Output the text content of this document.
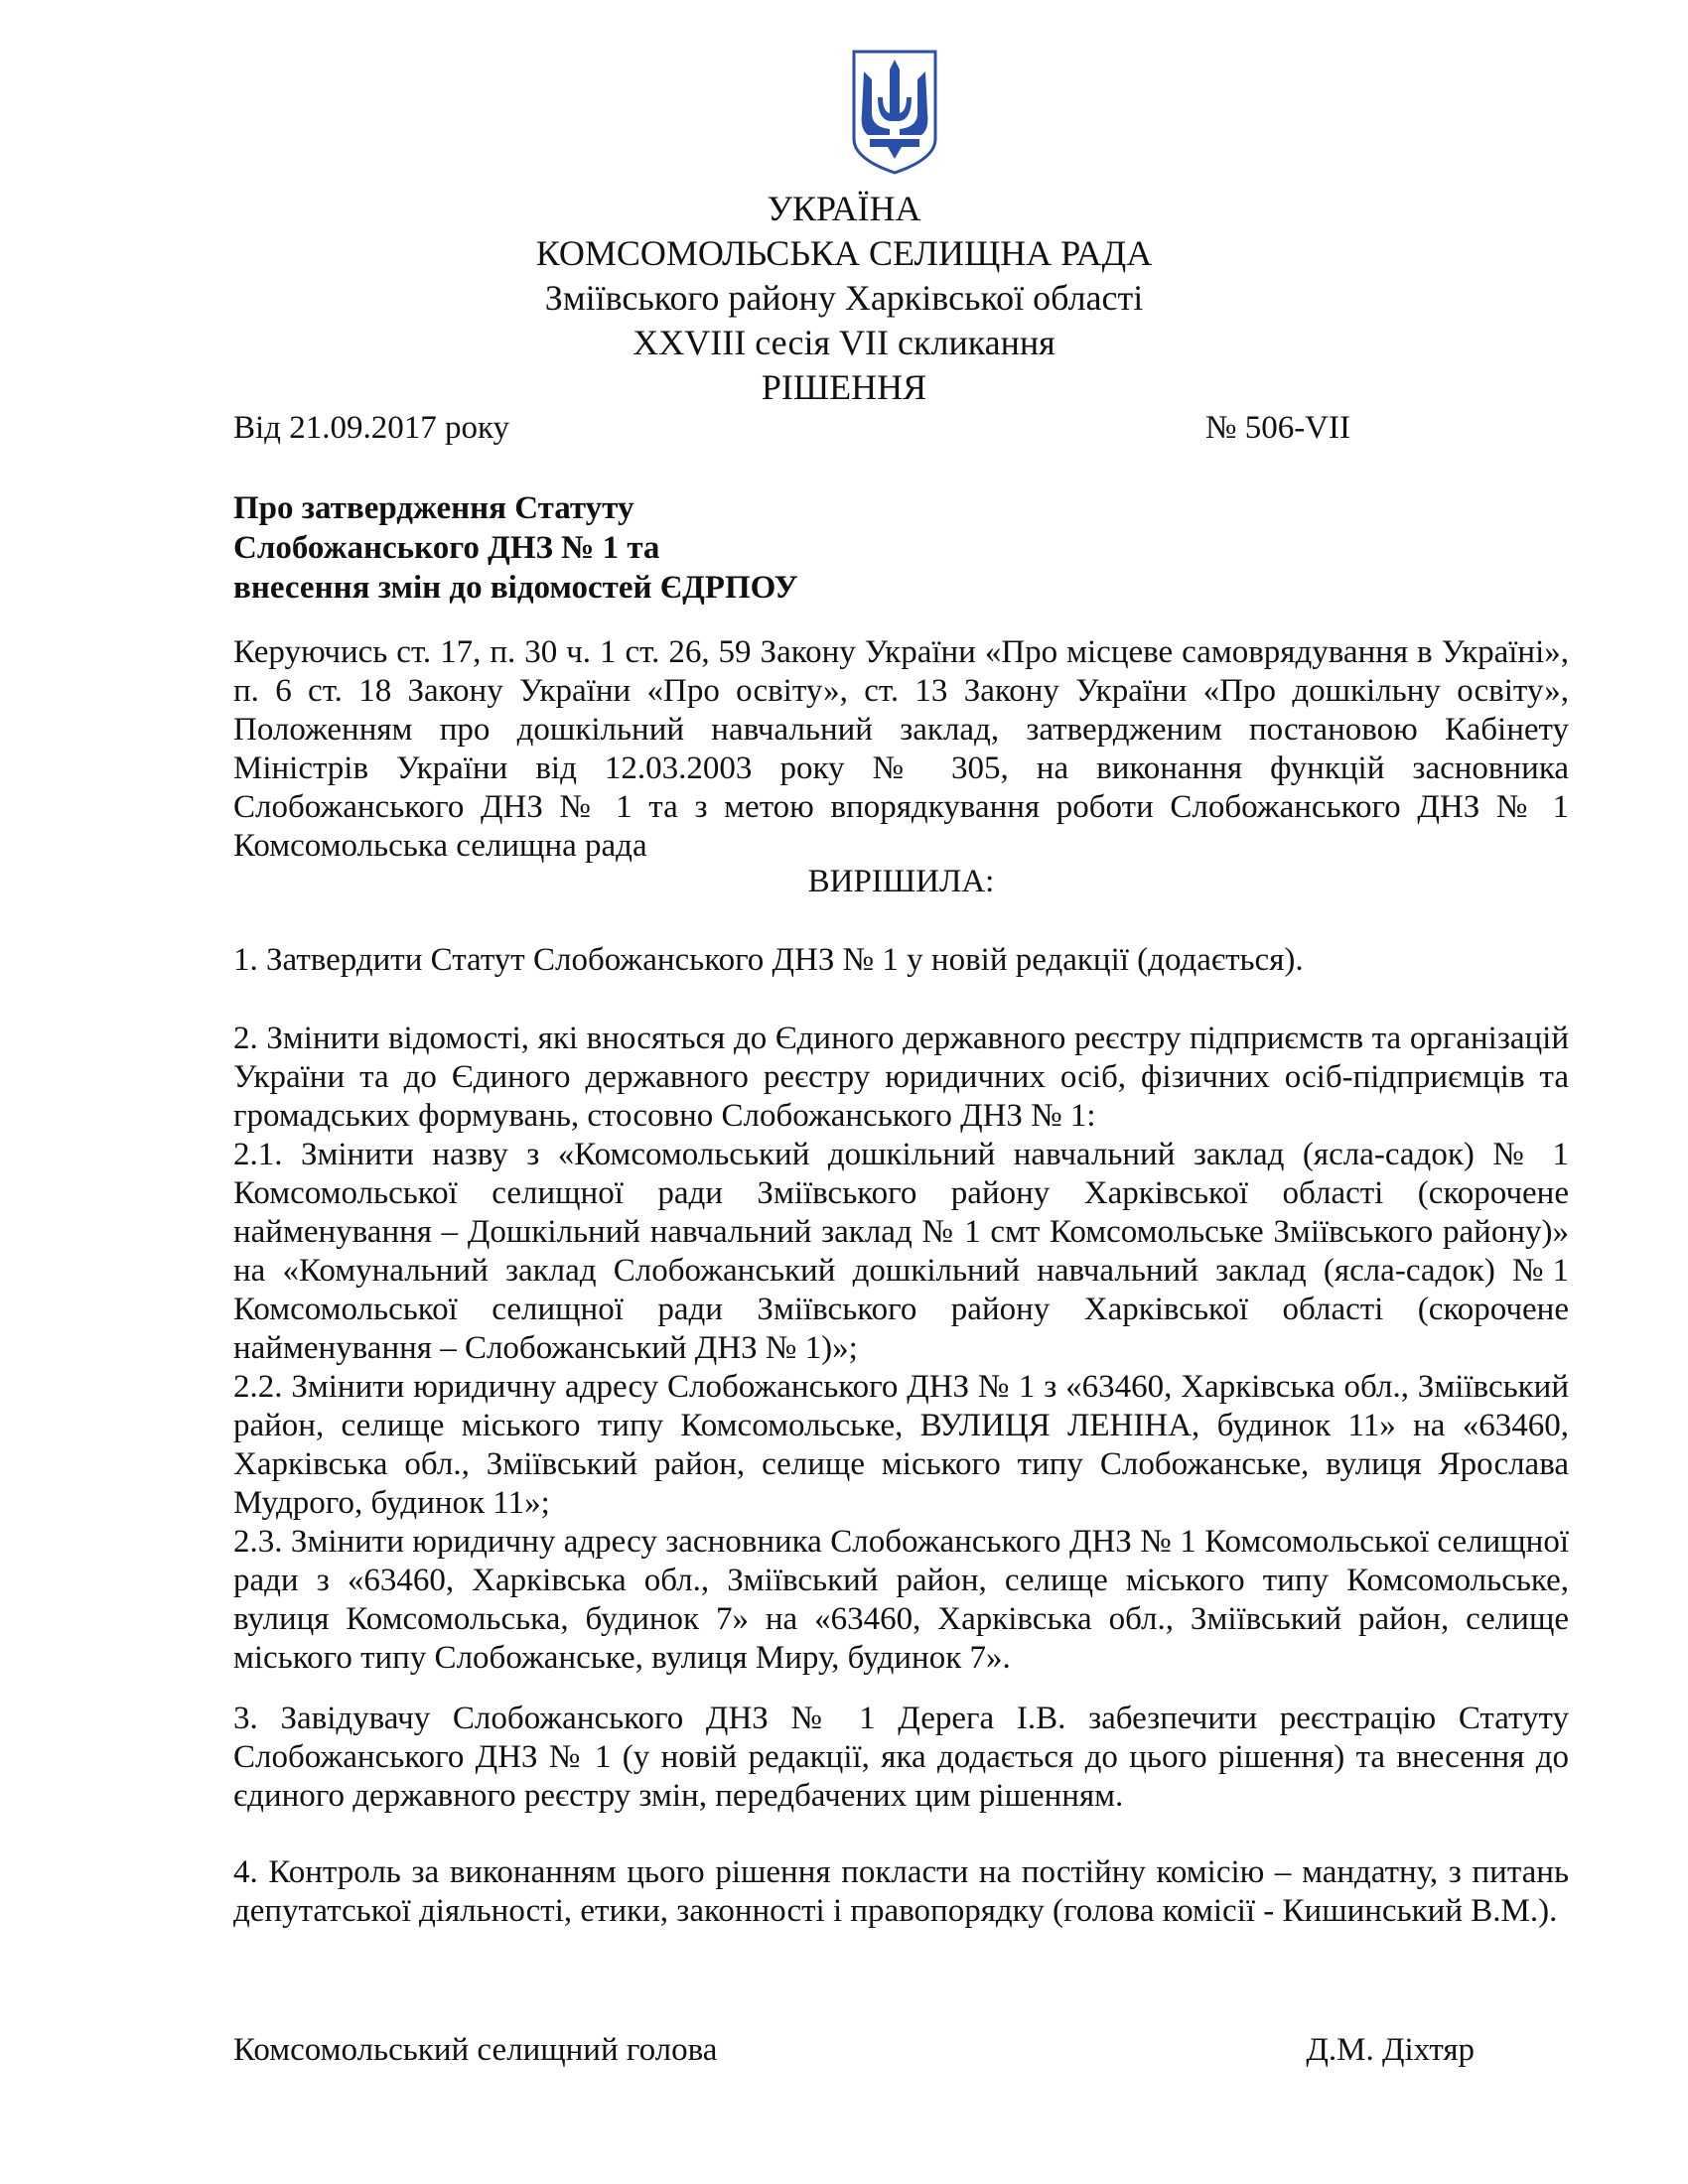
УКРАЇНА
КОМСОМОЛЬСЬКА СЕЛИЩНА РАДА
Зміївського району Харківської області
XXVIII сесія VII скликання
РІШЕННЯ
Від 21.09.2017 року	№ 506-VII
Про затвердження Статуту
Слобожанського ДНЗ № 1 та
внесення змін до відомостей ЄДРПОУ
Керуючись ст. 17, п. 30 ч. 1 ст. 26, 59 Закону України «Про місцеве самоврядування в Україні», п. 6 ст. 18 Закону України «Про освіту», ст. 13 Закону України «Про дошкільну освіту», Положенням про дошкільний навчальний заклад, затвердженим постановою Кабінету Міністрів України від 12.03.2003 року № 305, на виконання функцій засновника Слобожанського ДНЗ № 1 та з метою впорядкування роботи Слобожанського ДНЗ № 1 Комсомольська селищна рада
ВИРІШИЛА:
1. Затвердити Статут Слобожанського ДНЗ № 1 у новій редакції (додається).
2. Змінити відомості, які вносяться до Єдиного державного реєстру підприємств та організацій України та до Єдиного державного реєстру юридичних осіб, фізичних осіб-підприємців та громадських формувань, стосовно Слобожанського ДНЗ № 1:
2.1. Змінити назву з «Комсомольський дошкільний навчальний заклад (ясла-садок) № 1 Комсомольської селищної ради Зміївського району Харківської області (скорочене найменування – Дошкільний навчальний заклад № 1 смт Комсомольське Зміївського району)» на «Комунальний заклад Слобожанський дошкільний навчальний заклад (ясла-садок) №1 Комсомольської селищної ради Зміївського району Харківської області (скорочене найменування – Слобожанський ДНЗ № 1)»;
2.2. Змінити юридичну адресу Слобожанського ДНЗ № 1 з «63460, Харківська обл., Зміївський район, селище міського типу Комсомольське, ВУЛИЦЯ ЛЕНІНА, будинок 11» на «63460, Харківська обл., Зміївський район, селище міського типу Слобожанське, вулиця Ярослава Мудрого, будинок 11»;
2.3. Змінити юридичну адресу засновника Слобожанського ДНЗ № 1 Комсомольської селищної ради з «63460, Харківська обл., Зміївський район, селище міського типу Комсомольське, вулиця Комсомольська, будинок 7» на «63460, Харківська обл., Зміївський район, селище міського типу Слобожанське, вулиця Миру, будинок 7».
3. Завідувачу Слобожанського ДНЗ № 1 Дерега І.В. забезпечити реєстрацію Статуту Слобожанського ДНЗ № 1 (у новій редакції, яка додається до цього рішення) та внесення до єдиного державного реєстру змін, передбачених цим рішенням.
4. Контроль за виконанням цього рішення покласти на постійну комісію – мандатну, з питань депутатської діяльності, етики, законності і правопорядку (голова комісії - Кишинський В.М.).
Комсомольський селищний голова	Д.М. Діхтяр
